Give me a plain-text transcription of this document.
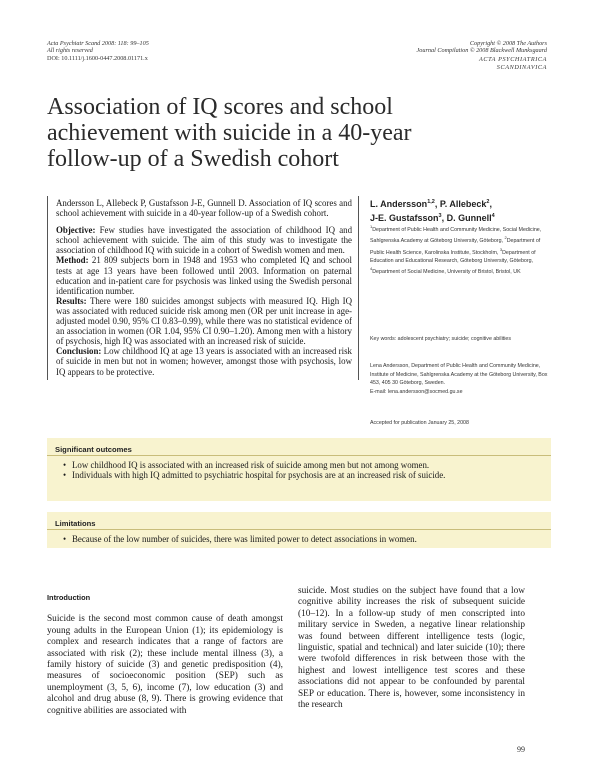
Acta Psychiatr Scand 2008: 118: 99–105
All rights reserved
DOI: 10.1111/j.1600-0447.2008.01171.x
Copyright © 2008 The Authors
Journal Compilation © 2008 Blackwell Munksgaard
ACTA PSYCHIATRICA
SCANDINAVICA
Association of IQ scores and school achievement with suicide in a 40-year follow-up of a Swedish cohort

Andersson L, Allebeck P, Gustafsson J-E, Gunnell D. Association of IQ scores and school achievement with suicide in a 40-year follow-up of a Swedish cohort.

Objective: Few studies have investigated the association of childhood IQ and school achievement with suicide. The aim of this study was to investigate the association of childhood IQ with suicide in a cohort of Swedish women and men.

Method: 21 809 subjects born in 1948 and 1953 who completed IQ and school tests at age 13 years have been followed until 2003. Information on paternal education and in-patient care for psychosis was linked using the Swedish personal identification number.

Results: There were 180 suicides amongst subjects with measured IQ. High IQ was associated with reduced suicide risk among men (OR per unit increase in age-adjusted model 0.90, 95% CI 0.83–0.99), while there was no statistical evidence of an association in women (OR 1.04, 95% CI 0.90–1.20). Among men with a history of psychosis, high IQ was associated with an increased risk of suicide.

Conclusion: Low childhood IQ at age 13 years is associated with an increased risk of suicide in men but not in women; however, amongst those with psychosis, low IQ appears to be protective.

L. Andersson$^{1,2}$, P. Allebeck$^2$,
J-E. Gustafsson$^3$, D. Gunnell$^4$
$^1$Department of Public Health and Community Medicine, Social Medicine, Sahlgrenska Academy at Göteborg University, Göteborg, $^2$Department of Public Health Science, Karolinska Institute, Stockholm, $^3$Department of Education and Educational Research, Göteborg University, Göteborg, $^4$Department of Social Medicine, University of Bristol, Bristol, UK
Key words: adolescent psychiatry; suicide; cognitive abilities
Lena Andersson, Department of Public Health and Community Medicine, Institute of Medicine, Sahlgrenska Academy at the Göteborg University, Box 453, 405 30 Göteborg, Sweden.
E-mail: lena.andersson@socmed.gu.se
Accepted for publication January 25, 2008
Significant outcomes
• Low childhood IQ is associated with an increased risk of suicide among men but not among women.
• Individuals with high IQ admitted to psychiatric hospital for psychosis are at an increased risk of suicide.
Limitations
• Because of the low number of suicides, there was limited power to detect associations in women.
Introduction

Suicide is the second most common cause of death amongst young adults in the European Union (1); its epidemiology is complex and research indicates that a range of factors are associated with risk (2); these include mental illness (3), a family history of suicide (3) and genetic predisposition (4), measures of socioeconomic position (SEP) such as unemployment (3, 5, 6), income (7), low education (3) and alcohol and drug abuse (8, 9). There is growing evidence that cognitive abilities are associated with

suicide. Most studies on the subject have found that a low cognitive ability increases the risk of subsequent suicide (10–12). In a follow-up study of men conscripted into military service in Sweden, a negative linear relationship was found between different intelligence tests (logic, linguistic, spatial and technical) and later suicide (10); there were twofold differences in risk between those with the highest and lowest intelligence test scores and these associations did not appear to be confounded by parental SEP or education. There is, however, some inconsistency in the research

99
